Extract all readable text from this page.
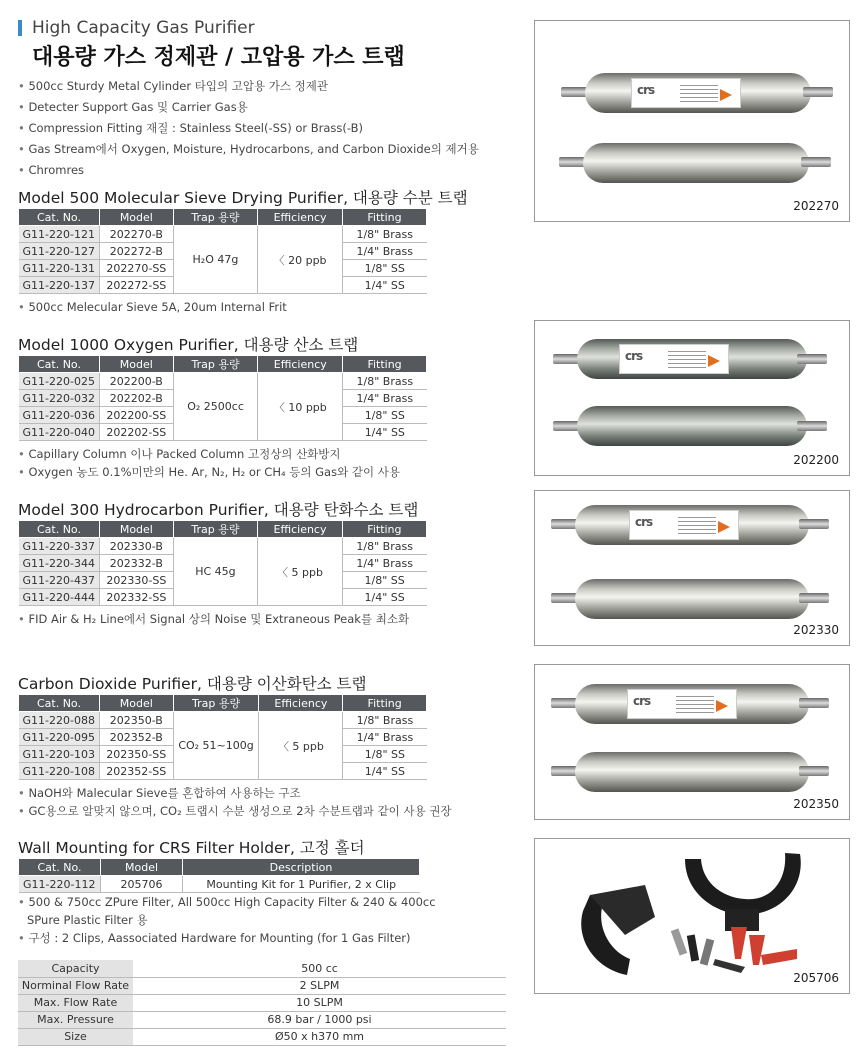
High Capacity Gas Purifier
대용량 가스 정제관 / 고압용 가스 트랩
• 500cc Sturdy Metal Cylinder 타입의 고압용 가스 정제관
• Detecter Support Gas 및 Carrier Gas용
• Compression Fitting 재질 : Stainless Steel(-SS) or Brass(-B)
• Gas Stream에서 Oxygen, Moisture, Hydrocarbons, and Carbon Dioxide의 제거용
• Chromres
Model 500 Molecular Sieve Drying Purifier, 대용량 수분 트랩
Cat. No.	Model	Trap 용량	Efficiency	Fitting
G11-220-121	202270-B	H₂O 47g	〈 20 ppb	1/8" Brass
G11-220-127	202272-B			1/4" Brass
G11-220-131	202270-SS			1/8" SS
G11-220-137	202272-SS			1/4" SS
• 500cc Melecular Sieve 5A, 20um Internal Frit
Model 1000 Oxygen Purifier, 대용량 산소 트랩
Cat. No.	Model	Trap 용량	Efficiency	Fitting
G11-220-025	202200-B	O₂ 2500cc	〈 10 ppb	1/8" Brass
G11-220-032	202202-B			1/4" Brass
G11-220-036	202200-SS			1/8" SS
G11-220-040	202202-SS			1/4" SS
• Capillary Column 이나 Packed Column 고정상의 산화방지
• Oxygen 농도 0.1%미만의 He. Ar, N₂, H₂ or CH₄ 등의 Gas와 같이 사용
Model 300 Hydrocarbon Purifier, 대용량 탄화수소 트랩
Cat. No.	Model	Trap 용량	Efficiency	Fitting
G11-220-337	202330-B	HC 45g	〈 5 ppb	1/8" Brass
G11-220-344	202332-B			1/4" Brass
G11-220-437	202330-SS			1/8" SS
G11-220-444	202332-SS			1/4" SS
• FID Air & H₂ Line에서 Signal 상의 Noise 및 Extraneous Peak를 최소화
Carbon Dioxide Purifier, 대용량 이산화탄소 트랩
Cat. No.	Model	Trap 용량	Efficiency	Fitting
G11-220-088	202350-B	CO₂ 51~100g	〈 5 ppb	1/8" Brass
G11-220-095	202352-B			1/4" Brass
G11-220-103	202350-SS			1/8" SS
G11-220-108	202352-SS			1/4" SS
• NaOH와 Malecular Sieve를 혼합하여 사용하는 구조
• GC용으로 알맞지 않으며, CO₂ 트랩시 수분 생성으로 2차 수분트랩과 같이 사용 권장
crs
202270
crs
202200
crs
202330
crs
202350
205706
Wall Mounting for CRS Filter Holder, 고정 홀더
Cat. No.	Model	Description
G11-220-112	205706	Mounting Kit for 1 Purifier, 2 x Clip
• 500 & 750cc ZPure Filter, All 500cc High Capacity Filter & 240 & 400cc
SPure Plastic Filter 용
• 구성 : 2 Clips, Aassociated Hardware for Mounting (for 1 Gas Filter)
Capacity	500 cc
Norminal Flow Rate	2 SLPM
Max. Flow Rate	10 SLPM
Max. Pressure	68.9 bar / 1000 psi
Size	Ø50 x h370 mm
